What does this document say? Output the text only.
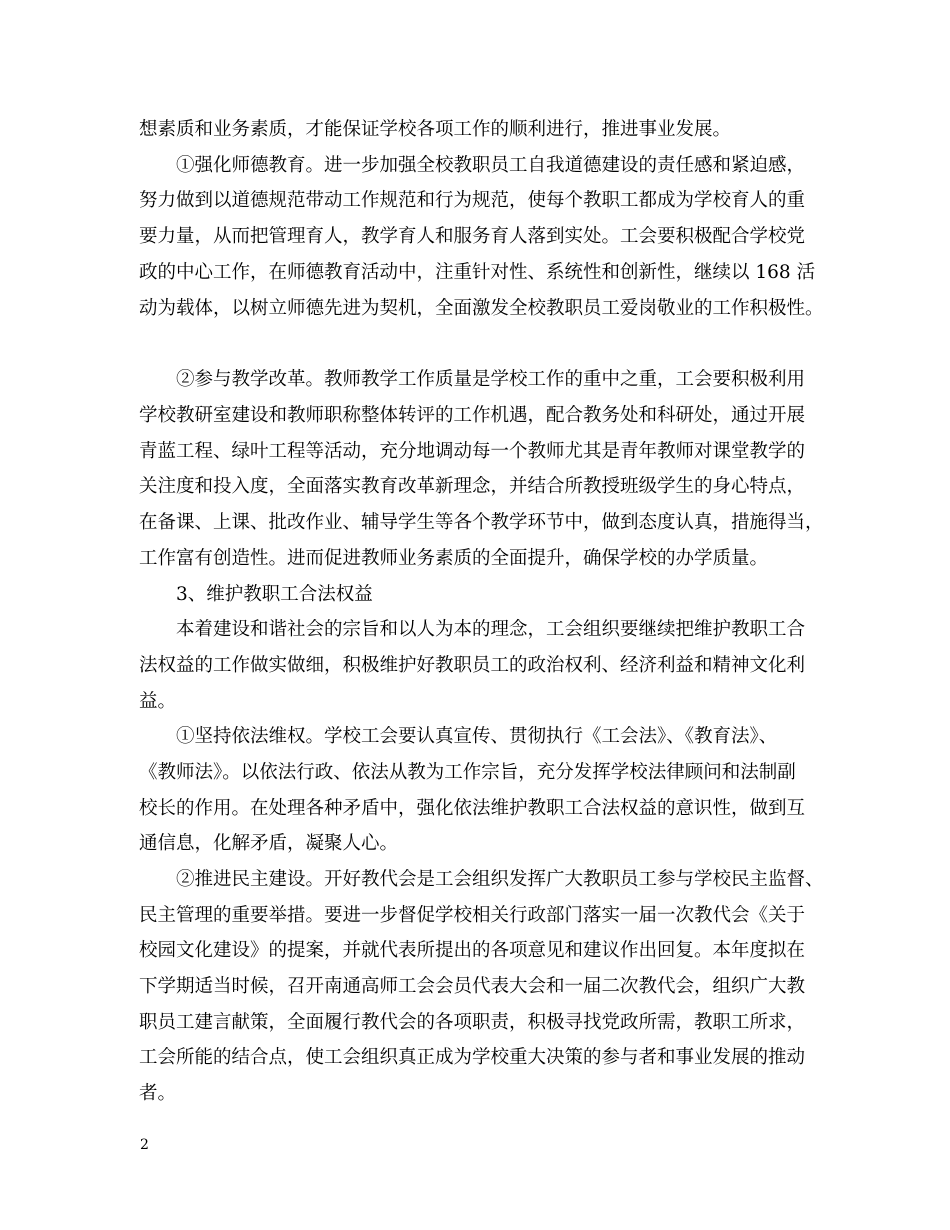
想素质和业务素质，才能保证学校各项工作的顺利进行，推进事业发展。
①强化师德教育。进一步加强全校教职员工自我道德建设的责任感和紧迫感，
努力做到以道德规范带动工作规范和行为规范，使每个教职工都成为学校育人的重
要力量，从而把管理育人，教学育人和服务育人落到实处。工会要积极配合学校党
政的中心工作，在师德教育活动中，注重针对性、系统性和创新性，继续以 168 活
动为载体，以树立师德先进为契机，全面激发全校教职员工爱岗敬业的工作积极性。
②参与教学改革。教师教学工作质量是学校工作的重中之重，工会要积极利用
学校教研室建设和教师职称整体转评的工作机遇，配合教务处和科研处，通过开展
青蓝工程、绿叶工程等活动，充分地调动每一个教师尤其是青年教师对课堂教学的
关注度和投入度，全面落实教育改革新理念，并结合所教授班级学生的身心特点，
在备课、上课、批改作业、辅导学生等各个教学环节中，做到态度认真，措施得当，
工作富有创造性。进而促进教师业务素质的全面提升，确保学校的办学质量。
3、维护教职工合法权益
本着建设和谐社会的宗旨和以人为本的理念，工会组织要继续把维护教职工合
法权益的工作做实做细，积极维护好教职员工的政治权利、经济利益和精神文化利
益。
①坚持依法维权。学校工会要认真宣传、贯彻执行《工会法》、《教育法》、
《教师法》。以依法行政、依法从教为工作宗旨，充分发挥学校法律顾问和法制副
校长的作用。在处理各种矛盾中，强化依法维护教职工合法权益的意识性，做到互
通信息，化解矛盾，凝聚人心。
②推进民主建设。开好教代会是工会组织发挥广大教职员工参与学校民主监督、
民主管理的重要举措。要进一步督促学校相关行政部门落实一届一次教代会《关于
校园文化建设》的提案，并就代表所提出的各项意见和建议作出回复。本年度拟在
下学期适当时候，召开南通高师工会会员代表大会和一届二次教代会，组织广大教
职员工建言献策，全面履行教代会的各项职责，积极寻找党政所需，教职工所求，
工会所能的结合点，使工会组织真正成为学校重大决策的参与者和事业发展的推动
者。
2
